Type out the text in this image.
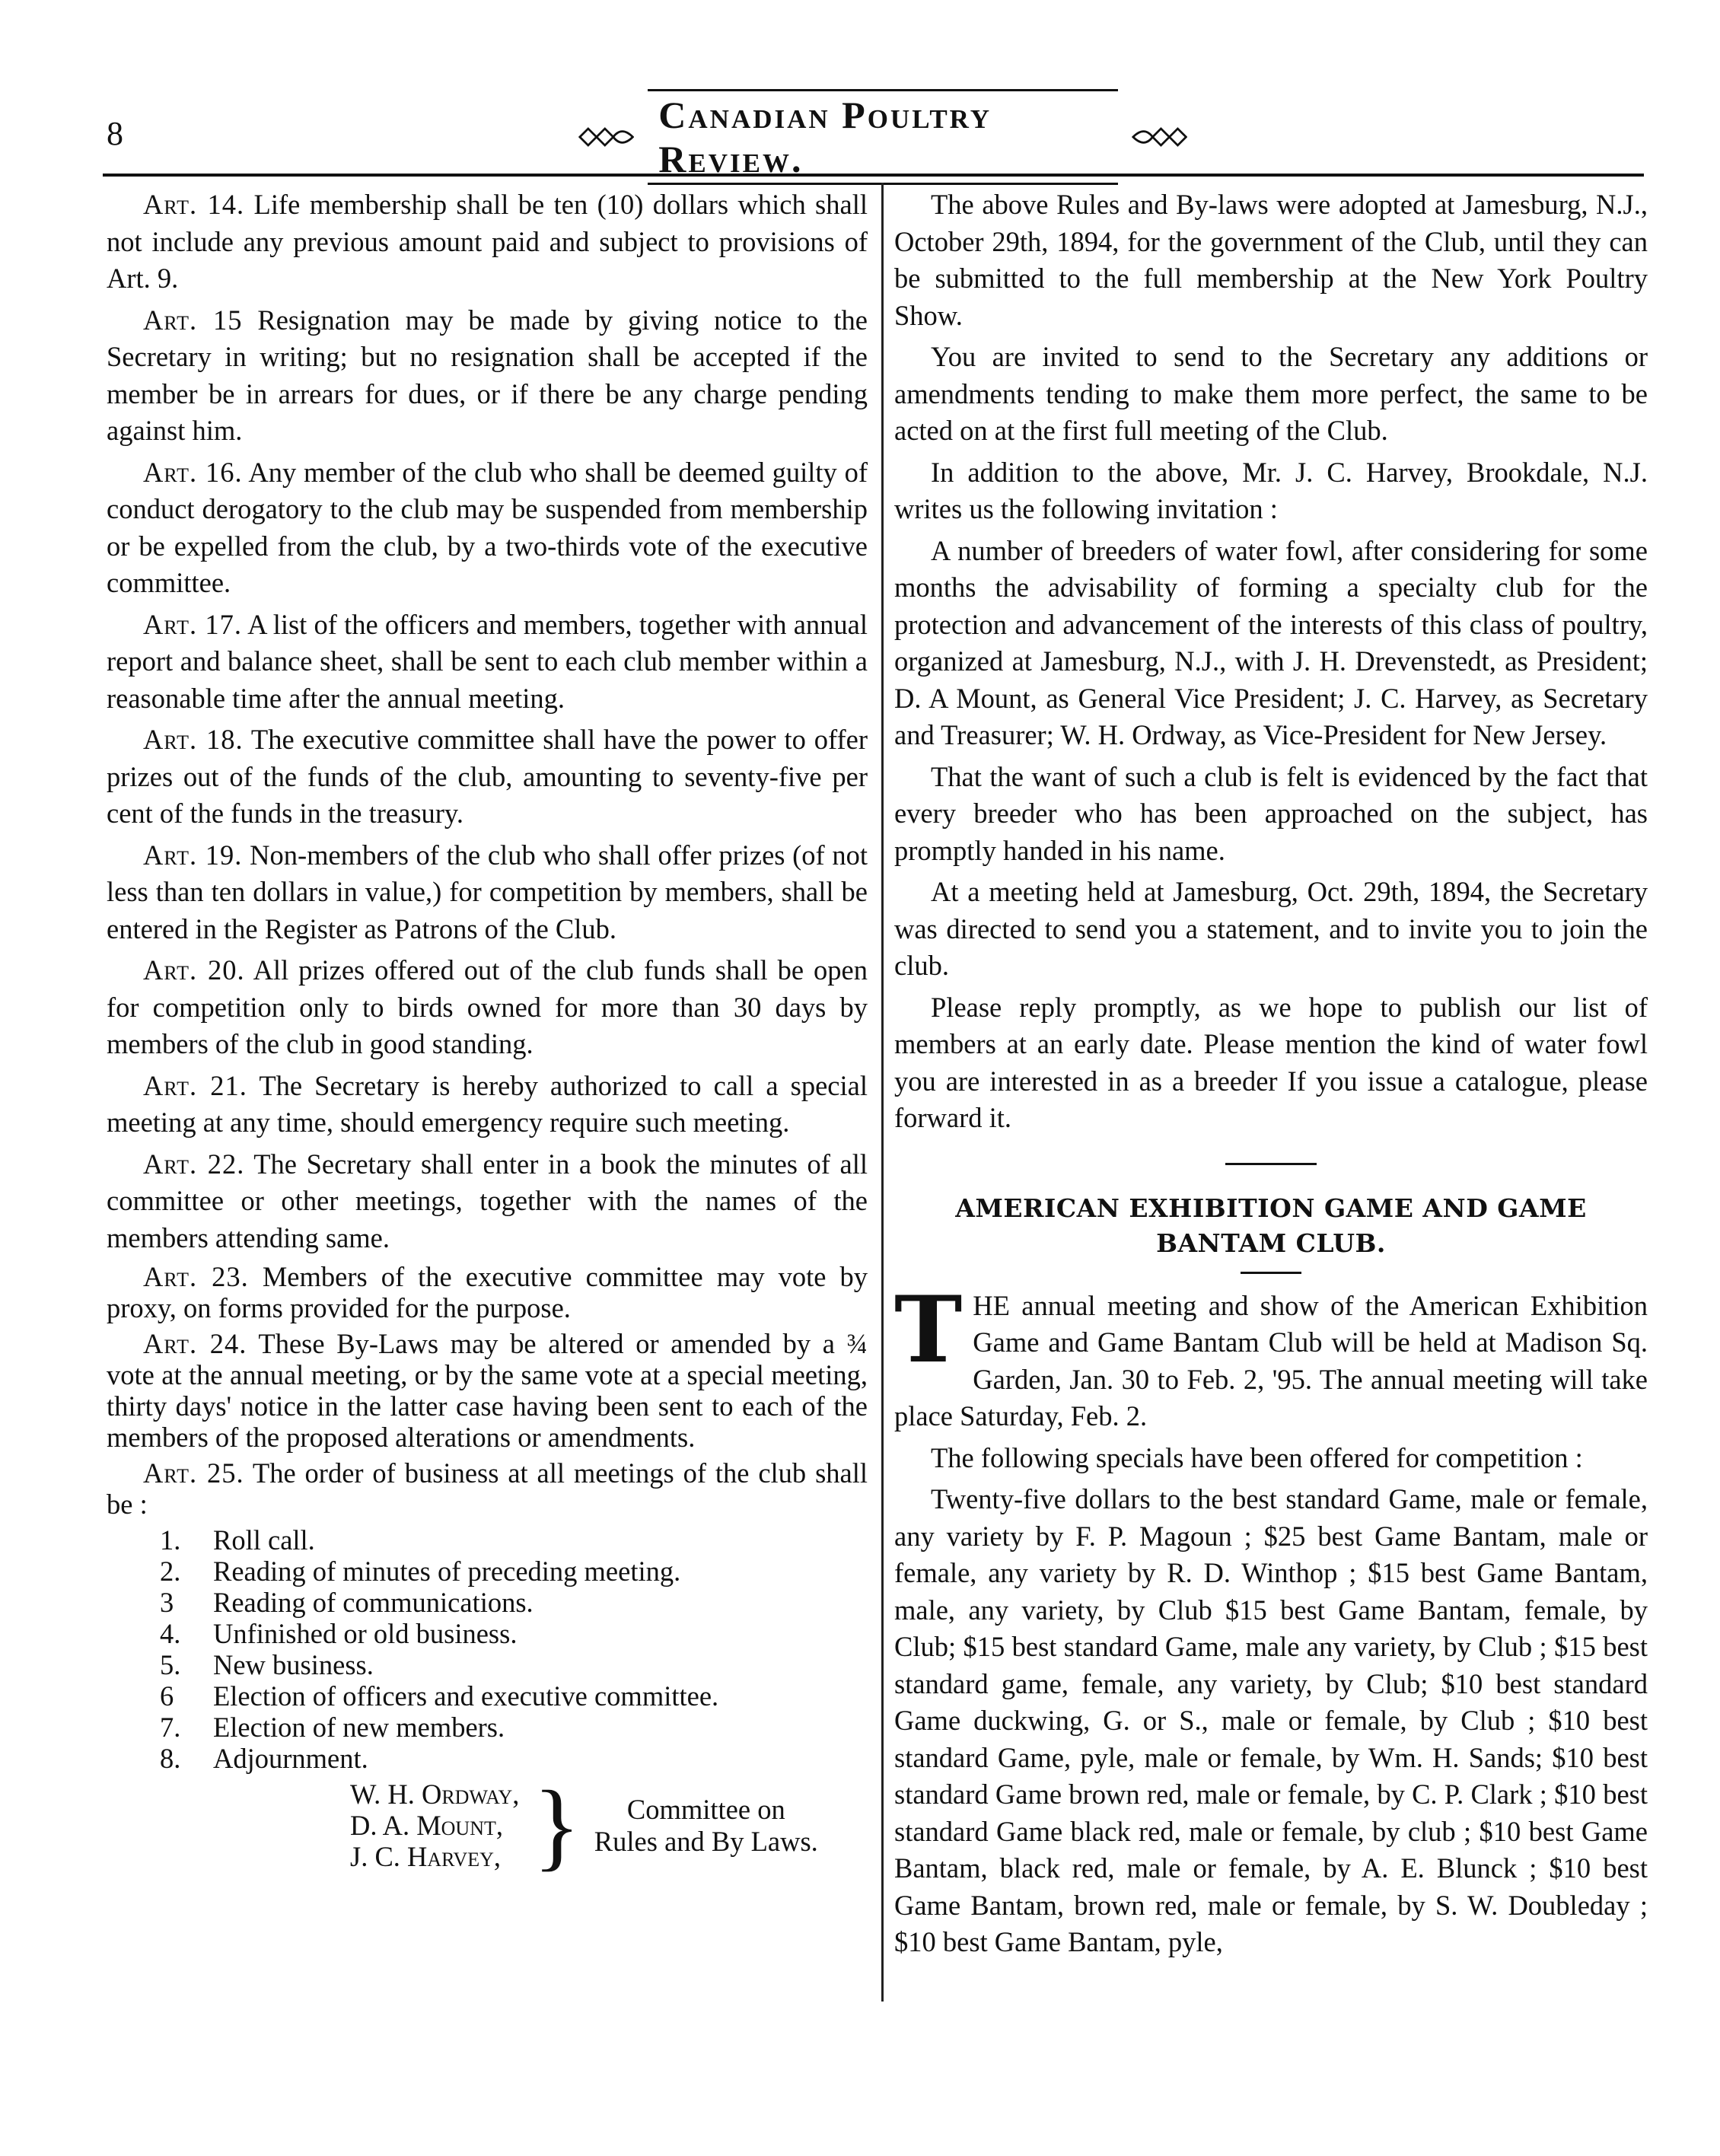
8	Canadian Poultry Review.

Art. 14. Life membership shall be ten (10) dollars which shall not include any previous amount paid and subject to provisions of Art. 9.

Art. 15 Resignation may be made by giving notice to the Secretary in writing; but no resignation shall be accepted if the member be in arrears for dues, or if there be any charge pending against him.

Art. 16. Any member of the club who shall be deemed guilty of conduct derogatory to the club may be suspended from membership or be expelled from the club, by a two-thirds vote of the executive committee.

Art. 17. A list of the officers and members, together with annual report and balance sheet, shall be sent to each club member within a reasonable time after the annual meeting.

Art. 18. The executive committee shall have the power to offer prizes out of the funds of the club, amounting to seventy-five per cent of the funds in the treasury.

Art. 19. Non-members of the club who shall offer prizes (of not less than ten dollars in value,) for competition by members, shall be entered in the Register as Patrons of the Club.

Art. 20. All prizes offered out of the club funds shall be open for competition only to birds owned for more than 30 days by members of the club in good standing.

Art. 21. The Secretary is hereby authorized to call a special meeting at any time, should emergency require such meeting.

Art. 22. The Secretary shall enter in a book the minutes of all committee or other meetings, together with the names of the members attending same.

Art. 23. Members of the executive committee may vote by proxy, on forms provided for the purpose.

Art. 24. These By-Laws may be altered or amended by a ¾ vote at the annual meeting, or by the same vote at a special meeting, thirty days' notice in the latter case having been sent to each of the members of the proposed alterations or amendments.

Art. 25. The order of business at all meetings of the club shall be :

1.	Roll call.
2.	Reading of minutes of preceding meeting.
3	Reading of communications.
4.	Unfinished or old business.
5.	New business.
6	Election of officers and executive committee.
7.	Election of new members.
8.	Adjournment.
W. H. Ordway,
D. A. Mount,
J. C. Harvey, }	Committee on
Rules and By Laws.

The above Rules and By-laws were adopted at Jamesburg, N.J., October 29th, 1894, for the government of the Club, until they can be submitted to the full membership at the New York Poultry Show.

You are invited to send to the Secretary any additions or amendments tending to make them more perfect, the same to be acted on at the first full meeting of the Club.

In addition to the above, Mr. J. C. Harvey, Brookdale, N.J. writes us the following invitation :

A number of breeders of water fowl, after considering for some months the advisability of forming a specialty club for the protection and advancement of the interests of this class of poultry, organized at Jamesburg, N.J., with J. H. Drevenstedt, as President; D. A Mount, as General Vice President; J. C. Harvey, as Secretary and Treasurer; W. H. Ordway, as Vice-President for New Jersey.

That the want of such a club is felt is evidenced by the fact that every breeder who has been approached on the subject, has promptly handed in his name.

At a meeting held at Jamesburg, Oct. 29th, 1894, the Secretary was directed to send you a statement, and to invite you to join the club.

Please reply promptly, as we hope to publish our list of members at an early date. Please mention the kind of water fowl you are interested in as a breeder If you issue a catalogue, please forward it.

AMERICAN EXHIBITION GAME AND GAME BANTAM CLUB.

THE annual meeting and show of the American Exhibition Game and Game Bantam Club will be held at Madison Sq. Garden, Jan. 30 to Feb. 2, '95. The annual meeting will take place Saturday, Feb. 2.

The following specials have been offered for competition :

Twenty-five dollars to the best standard Game, male or female, any variety by F. P. Magoun ; $25 best Game Bantam, male or female, any variety by R. D. Winthop ; $15 best Game Bantam, male, any variety, by Club $15 best Game Bantam, female, by Club; $15 best standard Game, male any variety, by Club ; $15 best standard game, female, any variety, by Club; $10 best standard Game duckwing, G. or S., male or female, by Club ; $10 best standard Game, pyle, male or female, by Wm. H. Sands; $10 best standard Game brown red, male or female, by C. P. Clark ; $10 best standard Game black red, male or female, by club ; $10 best Game Bantam, black red, male or female, by A. E. Blunck ; $10 best Game Bantam, brown red, male or female, by S. W. Doubleday ; $10 best Game Bantam, pyle,
